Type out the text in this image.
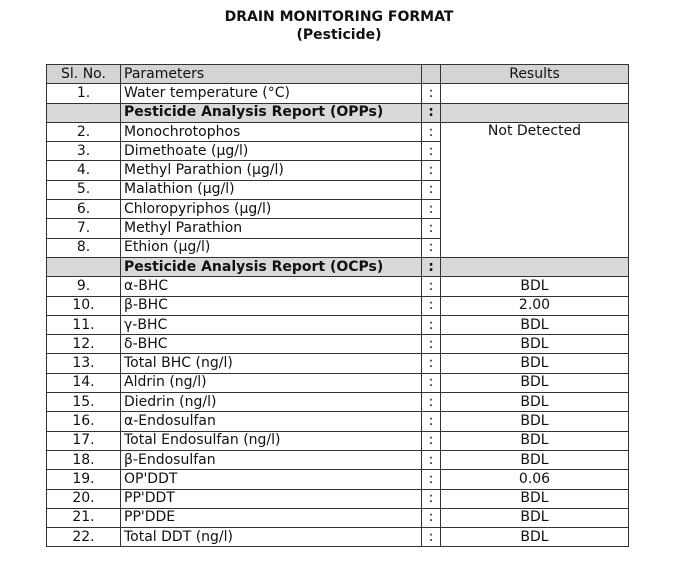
DRAIN MONITORING FORMAT
(Pesticide)
Sl. No.	Parameters		Results
1.	Water temperature (°C)	:	
	Pesticide Analysis Report (OPPs)	:	
2.	Monochrotophos	:	Not Detected
3.	Dimethoate (µg/l)	:	
4.	Methyl Parathion (µg/l)	:	
5.	Malathion (µg/l)	:	
6.	Chloropyriphos (µg/l)	:	
7.	Methyl Parathion	:	
8.	Ethion (µg/l)	:	
	Pesticide Analysis Report (OCPs)	:	
9.	α-BHC	:	BDL
10.	β-BHC	:	2.00
11.	γ-BHC	:	BDL
12.	δ-BHC	:	BDL
13.	Total BHC (ng/l)	:	BDL
14.	Aldrin (ng/l)	:	BDL
15.	Diedrin (ng/l)	:	BDL
16.	α-Endosulfan	:	BDL
17.	Total Endosulfan (ng/l)	:	BDL
18.	β-Endosulfan	:	BDL
19.	OP'DDT	:	0.06
20.	PP'DDT	:	BDL
21.	PP'DDE	:	BDL
22.	Total DDT (ng/l)	:	BDL
